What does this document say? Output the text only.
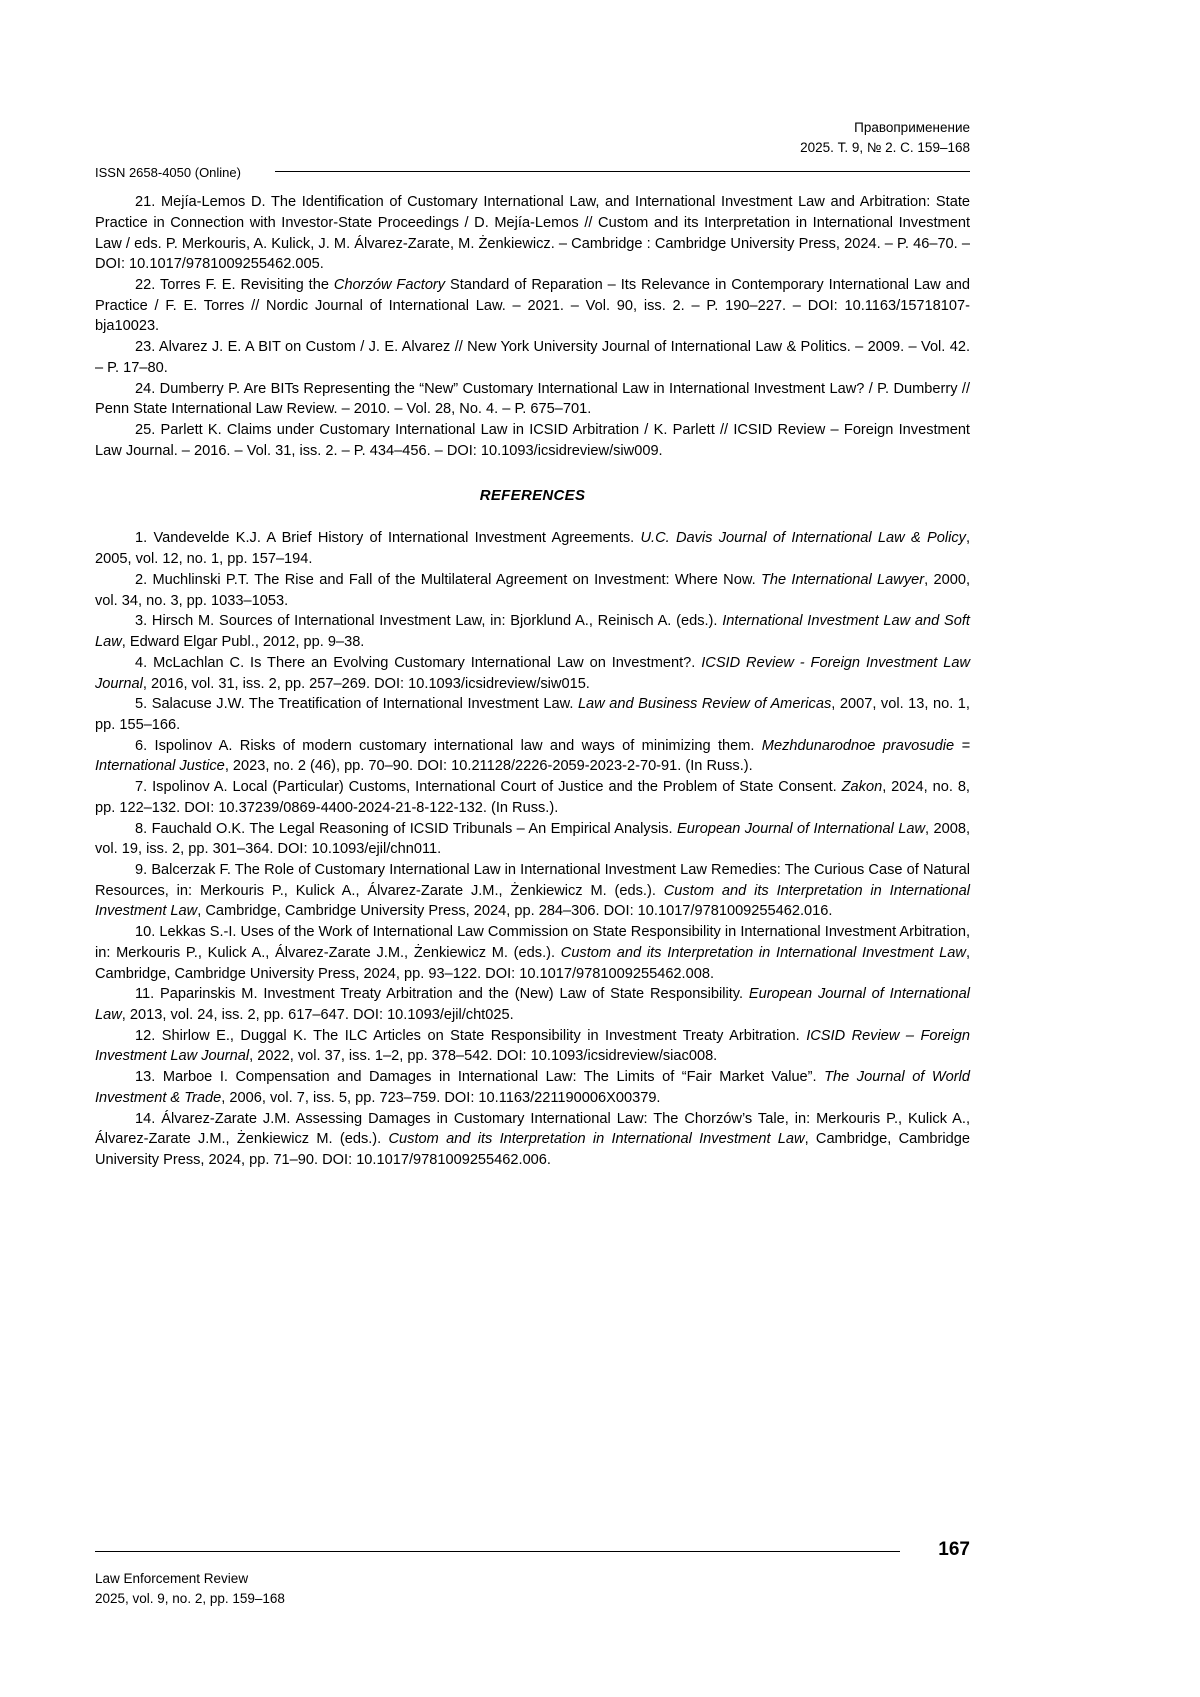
Правоприменение
2025. Т. 9, № 2. С. 159–168
ISSN 2658-4050 (Online)

21. Mejía-Lemos D. The Identification of Customary International Law, and International Investment Law and Arbitration: State Practice in Connection with Investor-State Proceedings / D. Mejía-Lemos // Custom and its Interpretation in International Investment Law / eds. P. Merkouris, A. Kulick, J. M. Álvarez-Zarate, M. Żenkiewicz. – Cambridge : Cambridge University Press, 2024. – P. 46–70. – DOI: 10.1017/9781009255462.005.

22. Torres F. E. Revisiting the Chorzów Factory Standard of Reparation – Its Relevance in Contemporary International Law and Practice / F. E. Torres // Nordic Journal of International Law. – 2021. – Vol. 90, iss. 2. – P. 190–227. – DOI: 10.1163/15718107-bja10023.

23. Alvarez J. E. A BIT on Custom / J. E. Alvarez // New York University Journal of International Law & Politics. – 2009. – Vol. 42. – P. 17–80.

24. Dumberry P. Are BITs Representing the “New” Customary International Law in International Investment Law? / P. Dumberry // Penn State International Law Review. – 2010. – Vol. 28, No. 4. – P. 675–701.

25. Parlett K. Claims under Customary International Law in ICSID Arbitration / K. Parlett // ICSID Review – Foreign Investment Law Journal. – 2016. – Vol. 31, iss. 2. – P. 434–456. – DOI: 10.1093/icsidreview/siw009.

REFERENCES

1. Vandevelde K.J. A Brief History of International Investment Agreements. U.C. Davis Journal of International Law & Policy, 2005, vol. 12, no. 1, pp. 157–194.

2. Muchlinski P.T. The Rise and Fall of the Multilateral Agreement on Investment: Where Now. The International Lawyer, 2000, vol. 34, no. 3, pp. 1033–1053.

3. Hirsch M. Sources of International Investment Law, in: Bjorklund A., Reinisch A. (eds.). International Investment Law and Soft Law, Edward Elgar Publ., 2012, pp. 9–38.

4. McLachlan C. Is There an Evolving Customary International Law on Investment?. ICSID Review - Foreign Investment Law Journal, 2016, vol. 31, iss. 2, pp. 257–269. DOI: 10.1093/icsidreview/siw015.

5. Salacuse J.W. The Treatification of International Investment Law. Law and Business Review of Americas, 2007, vol. 13, no. 1, pp. 155–166.

6. Ispolinov A. Risks of modern customary international law and ways of minimizing them. Mezhdunarodnoe pravosudie = International Justice, 2023, no. 2 (46), pp. 70–90. DOI: 10.21128/2226-2059-2023-2-70-91. (In Russ.).

7. Ispolinov A. Local (Particular) Customs, International Court of Justice and the Problem of State Consent. Zakon, 2024, no. 8, pp. 122–132. DOI: 10.37239/0869-4400-2024-21-8-122-132. (In Russ.).

8. Fauchald O.K. The Legal Reasoning of ICSID Tribunals – An Empirical Analysis. European Journal of International Law, 2008, vol. 19, iss. 2, pp. 301–364. DOI: 10.1093/ejil/chn011.

9. Balcerzak F. The Role of Customary International Law in International Investment Law Remedies: The Curious Case of Natural Resources, in: Merkouris P., Kulick A., Álvarez-Zarate J.M., Żenkiewicz M. (eds.). Custom and its Interpretation in International Investment Law, Cambridge, Cambridge University Press, 2024, pp. 284–306. DOI: 10.1017/9781009255462.016.

10. Lekkas S.-I. Uses of the Work of International Law Commission on State Responsibility in International Investment Arbitration, in: Merkouris P., Kulick A., Álvarez-Zarate J.M., Żenkiewicz M. (eds.). Custom and its Interpretation in International Investment Law, Cambridge, Cambridge University Press, 2024, pp. 93–122. DOI: 10.1017/9781009255462.008.

11. Paparinskis M. Investment Treaty Arbitration and the (New) Law of State Responsibility. European Journal of International Law, 2013, vol. 24, iss. 2, pp. 617–647. DOI: 10.1093/ejil/cht025.

12. Shirlow E., Duggal K. The ILC Articles on State Responsibility in Investment Treaty Arbitration. ICSID Review – Foreign Investment Law Journal, 2022, vol. 37, iss. 1–2, pp. 378–542. DOI: 10.1093/icsidreview/siac008.

13. Marboe I. Compensation and Damages in International Law: The Limits of “Fair Market Value”. The Journal of World Investment & Trade, 2006, vol. 7, iss. 5, pp. 723–759. DOI: 10.1163/221190006X00379.

14. Álvarez-Zarate J.M. Assessing Damages in Customary International Law: The Chorzów’s Tale, in: Merkouris P., Kulick A., Álvarez-Zarate J.M., Żenkiewicz M. (eds.). Custom and its Interpretation in International Investment Law, Cambridge, Cambridge University Press, 2024, pp. 71–90. DOI: 10.1017/9781009255462.006.

167
Law Enforcement Review
2025, vol. 9, no. 2, pp. 159–168
